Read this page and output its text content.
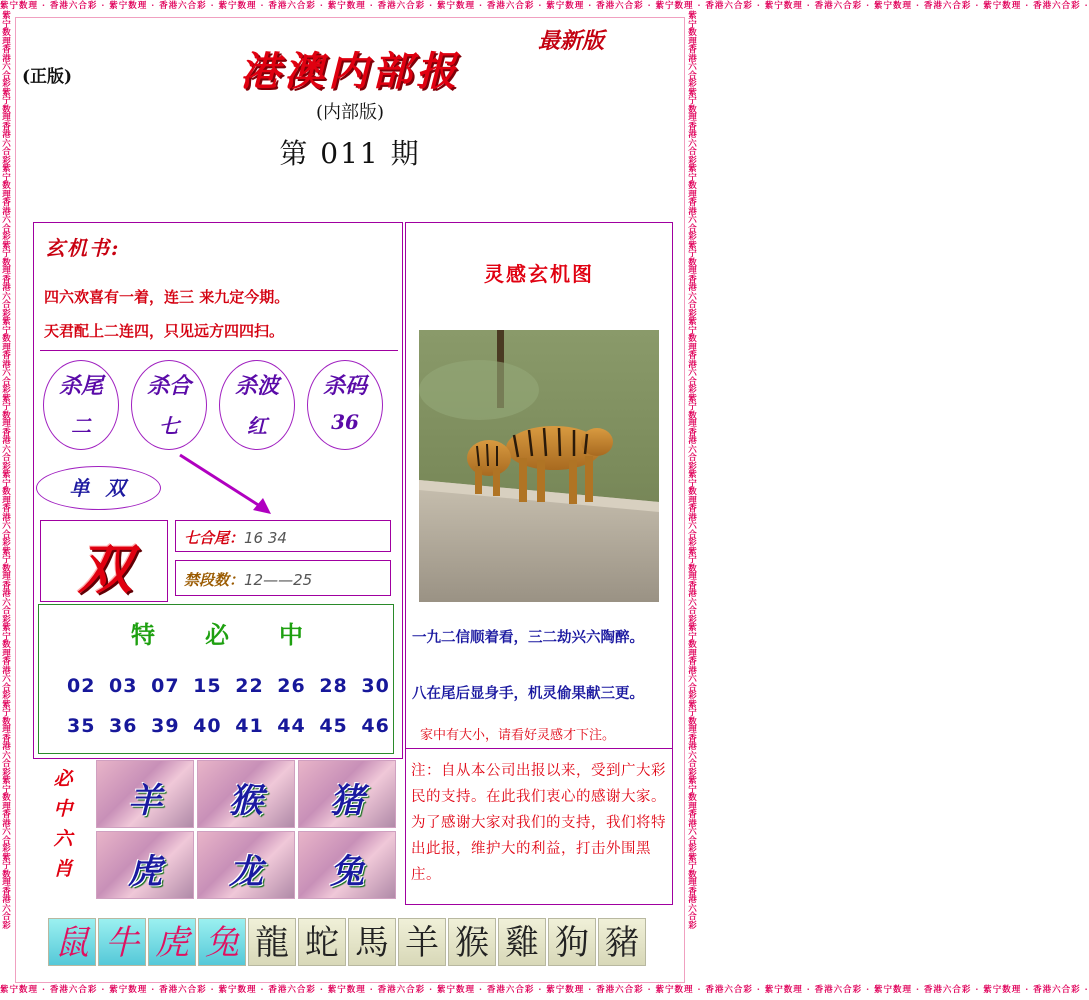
紫宁数理 · 香港六合彩 · 紫宁数理 · 香港六合彩 · 紫宁数理 · 香港六合彩 · 紫宁数理 · 香港六合彩 · 紫宁数理 · 香港六合彩 · 紫宁数理 · 香港六合彩 · 紫宁数理 · 香港六合彩 · 紫宁数理 · 香港六合彩 · 紫宁数理 · 香港六合彩 · 紫宁数理 · 香港六合彩 ·
紫宁数理 · 香港六合彩 · 紫宁数理 · 香港六合彩 · 紫宁数理 · 香港六合彩 · 紫宁数理 · 香港六合彩 · 紫宁数理 · 香港六合彩 · 紫宁数理 · 香港六合彩 · 紫宁数理 · 香港六合彩 · 紫宁数理 · 香港六合彩 · 紫宁数理 · 香港六合彩 · 紫宁数理 · 香港六合彩 ·
紫宁数理香港六合彩紫宁数理香港六合彩紫宁数理香港六合彩紫宁数理香港六合彩紫宁数理香港六合彩紫宁数理香港六合彩紫宁数理香港六合彩紫宁数理香港六合彩紫宁数理香港六合彩紫宁数理香港六合彩紫宁数理香港六合彩紫宁数理香港六合彩
紫宁数理香港六合彩紫宁数理香港六合彩紫宁数理香港六合彩紫宁数理香港六合彩紫宁数理香港六合彩紫宁数理香港六合彩紫宁数理香港六合彩紫宁数理香港六合彩紫宁数理香港六合彩紫宁数理香港六合彩紫宁数理香港六合彩紫宁数理香港六合彩
(正版)
最新版
港澳内部报
(内部版)
第 011 期
玄机书:
四六欢喜有一着，连三 来九定今期。
天君配上二连四，只见远方四四扫。
杀尾
二
杀合
七
杀波
红
杀码
36
单双
双	七合尾：16 34
禁段数：12——25
特必中
02 03 07 15 22 26 28 30
35 36 39 40 41 44 45 46
必中六肖
羊	猴	猪
虎	龙	兔
灵感玄机图
一九二信顺着看，三二劫兴六陶醉。
八在尾后显身手，机灵偷果献三更。
家中有大小，请看好灵感才下注。
注：自从本公司出报以来，受到广大彩民的支持。在此我们衷心的感谢大家。为了感谢大家对我们的支持，我们将特出此报，维护大的利益，打击外围黑庄。
鼠 牛 虎 兔 龍 蛇 馬 羊 猴 雞 狗 豬
